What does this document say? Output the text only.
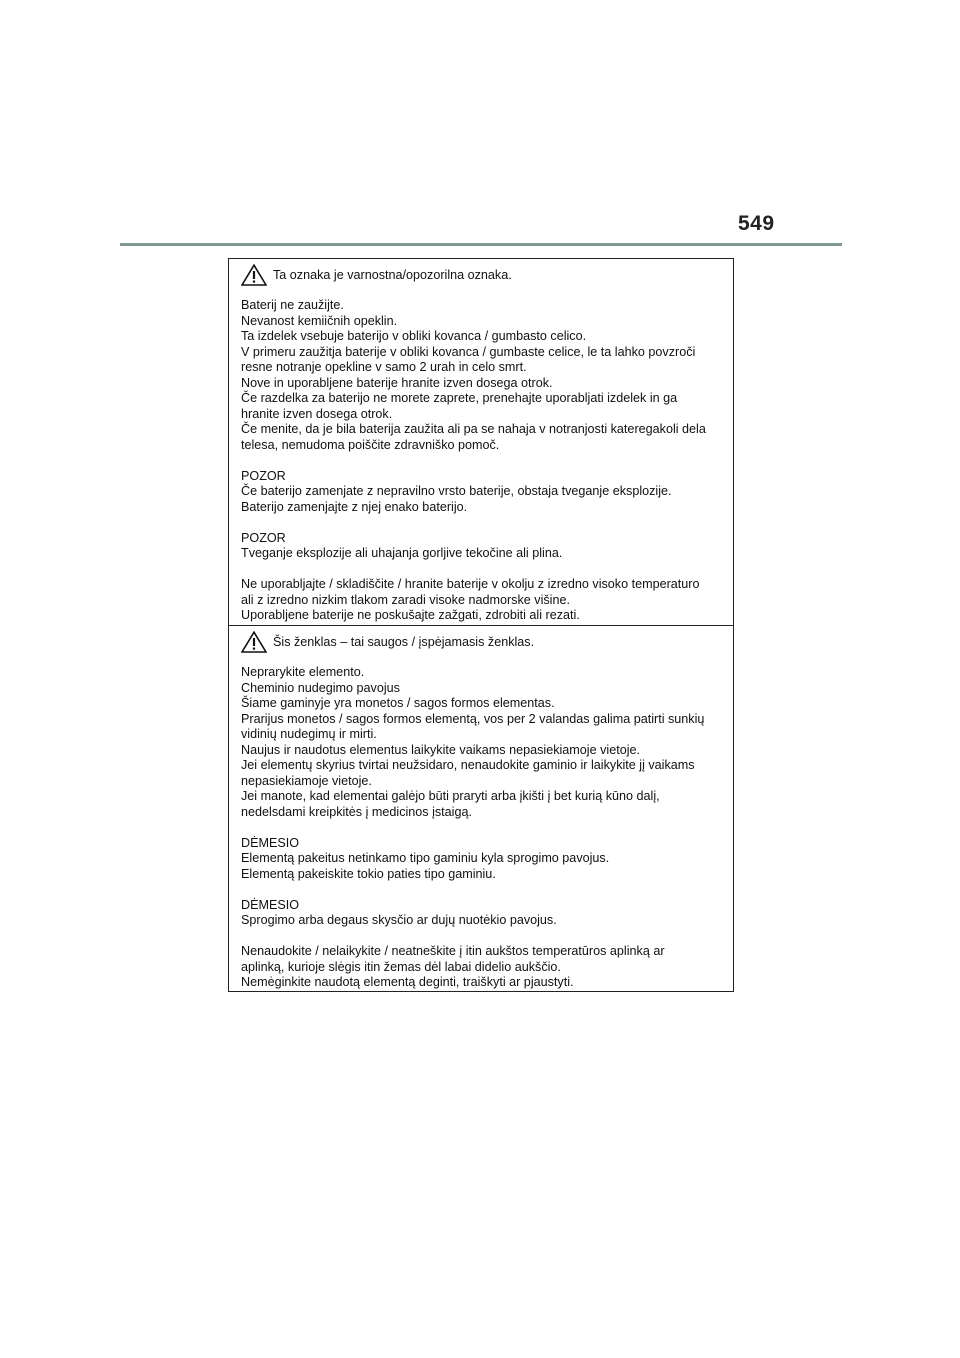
549
Ta oznaka je varnostna/opozorilna oznaka.

Baterij ne zaužijte.
Nevanost kemiičnih opeklin.
Ta izdelek vsebuje baterijo v obliki kovanca / gumbasto celico.
V primeru zaužitja baterije v obliki kovanca / gumbaste celice, le ta lahko povzroči
resne notranje opekline v samo 2 urah in celo smrt.
Nove in uporabljene baterije hranite izven dosega otrok.
Če razdelka za baterijo ne morete zaprete, prenehajte uporabljati izdelek in ga
hranite izven dosega otrok.
Če menite, da je bila baterija zaužita ali pa se nahaja v notranjosti kateregakoli dela
telesa, nemudoma poiščite zdravniško pomoč.

POZOR
Če baterijo zamenjate z nepravilno vrsto baterije, obstaja tveganje eksplozije.
Baterijo zamenjajte z njej enako baterijo.

POZOR
Tveganje eksplozije ali uhajanja gorljive tekočine ali plina.

Ne uporabljajte / skladiščite / hranite baterije v okolju z izredno visoko temperaturo
ali z izredno nizkim tlakom zaradi visoke nadmorske višine.
Uporabljene baterije ne poskušajte zažgati, zdrobiti ali rezati.

Šis ženklas – tai saugos / įspėjamasis ženklas.

Neprarykite elemento.
Cheminio nudegimo pavojus
Šiame gaminyje yra monetos / sagos formos elementas.
Prarijus monetos / sagos formos elementą, vos per 2 valandas galima patirti sunkių
vidinių nudegimų ir mirti.
Naujus ir naudotus elementus laikykite vaikams nepasiekiamoje vietoje.
Jei elementų skyrius tvirtai neužsidaro, nenaudokite gaminio ir laikykite jį vaikams
nepasiekiamoje vietoje.
Jei manote, kad elementai galėjo būti praryti arba įkišti į bet kurią kūno dalį,
nedelsdami kreipkitės į medicinos įstaigą.

DĖMESIO
Elementą pakeitus netinkamo tipo gaminiu kyla sprogimo pavojus.
Elementą pakeiskite tokio paties tipo gaminiu.

DĖMESIO
Sprogimo arba degaus skysčio ar dujų nuotėkio pavojus.

Nenaudokite / nelaikykite / neatneškite į itin aukštos temperatūros aplinką ar
aplinką, kurioje slėgis itin žemas dėl labai didelio aukščio.
Nemėginkite naudotą elementą deginti, traiškyti ar pjaustyti.
